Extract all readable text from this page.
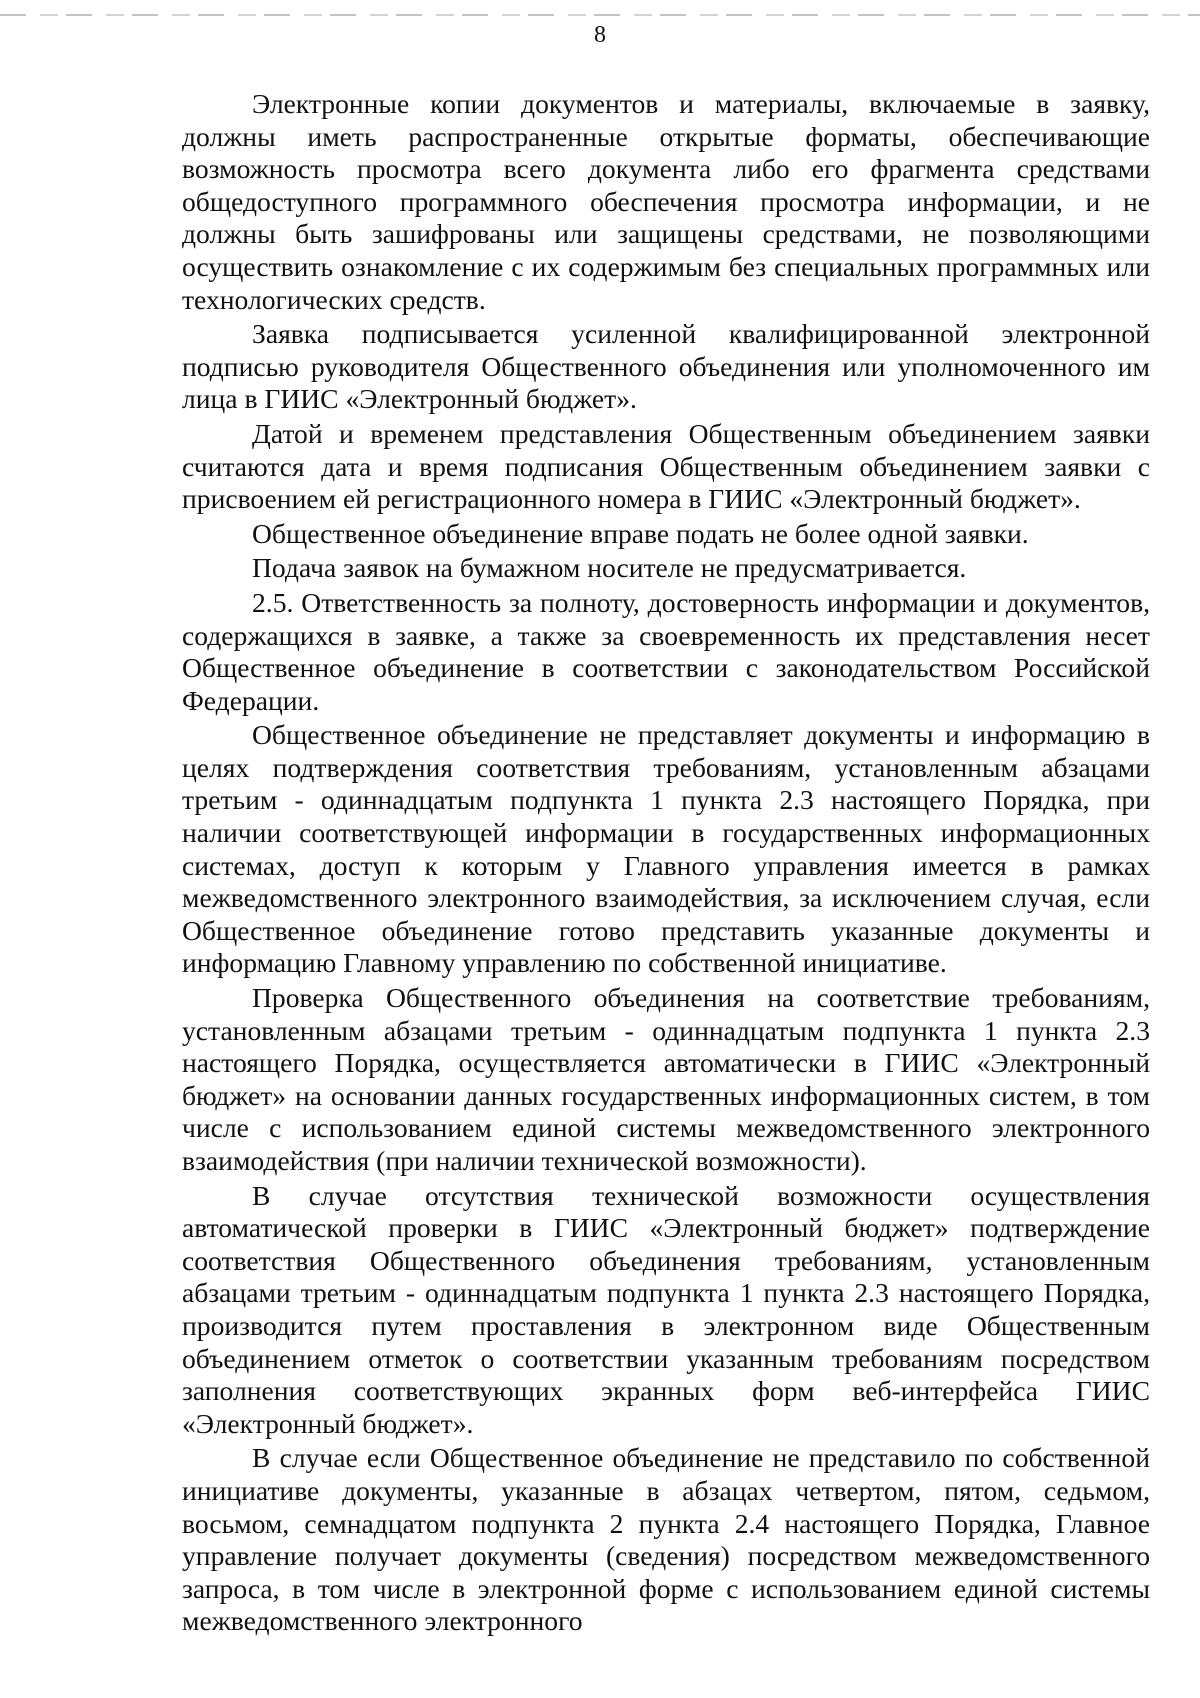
8

Электронные копии документов и материалы, включаемые в заявку, должны иметь распространенные открытые форматы, обеспечивающие возможность просмотра всего документа либо его фрагмента средствами общедоступного программного обеспечения просмотра информации, и не должны быть зашифрованы или защищены средствами, не позволяющими осуществить ознакомление с их содержимым без специальных программных или технологических средств.

Заявка подписывается усиленной квалифицированной электронной подписью руководителя Общественного объединения или уполномоченного им лица в ГИИС «Электронный бюджет».

Датой и временем представления Общественным объединением заявки считаются дата и время подписания Общественным объединением заявки с присвоением ей регистрационного номера в ГИИС «Электронный бюджет».

Общественное объединение вправе подать не более одной заявки.

Подача заявок на бумажном носителе не предусматривается.

2.5. Ответственность за полноту, достоверность информации и документов, содержащихся в заявке, а также за своевременность их представления несет Общественное объединение в соответствии с законодательством Российской Федерации.

Общественное объединение не представляет документы и информацию в целях подтверждения соответствия требованиям, установленным абзацами третьим - одиннадцатым подпункта 1 пункта 2.3 настоящего Порядка, при наличии соответствующей информации в государственных информационных системах, доступ к которым у Главного управления имеется в рамках межведомственного электронного взаимодействия, за исключением случая, если Общественное объединение готово представить указанные документы и информацию Главному управлению по собственной инициативе.

Проверка Общественного объединения на соответствие требованиям, установленным абзацами третьим - одиннадцатым подпункта 1 пункта 2.3 настоящего Порядка, осуществляется автоматически в ГИИС «Электронный бюджет» на основании данных государственных информационных систем, в том числе с использованием единой системы межведомственного электронного взаимодействия (при наличии технической возможности).

В случае отсутствия технической возможности осуществления автоматической проверки в ГИИС «Электронный бюджет» подтверждение соответствия Общественного объединения требованиям, установленным абзацами третьим - одиннадцатым подпункта 1 пункта 2.3 настоящего Порядка, производится путем проставления в электронном виде Общественным объединением отметок о соответствии указанным требованиям посредством заполнения соответствующих экранных форм веб-интерфейса ГИИС «Электронный бюджет».

В случае если Общественное объединение не представило по собственной инициативе документы, указанные в абзацах четвертом, пятом, седьмом, восьмом, семнадцатом подпункта 2 пункта 2.4 настоящего Порядка, Главное управление получает документы (сведения) посредством межведомственного запроса, в том числе в электронной форме с использованием единой системы межведомственного электронного
